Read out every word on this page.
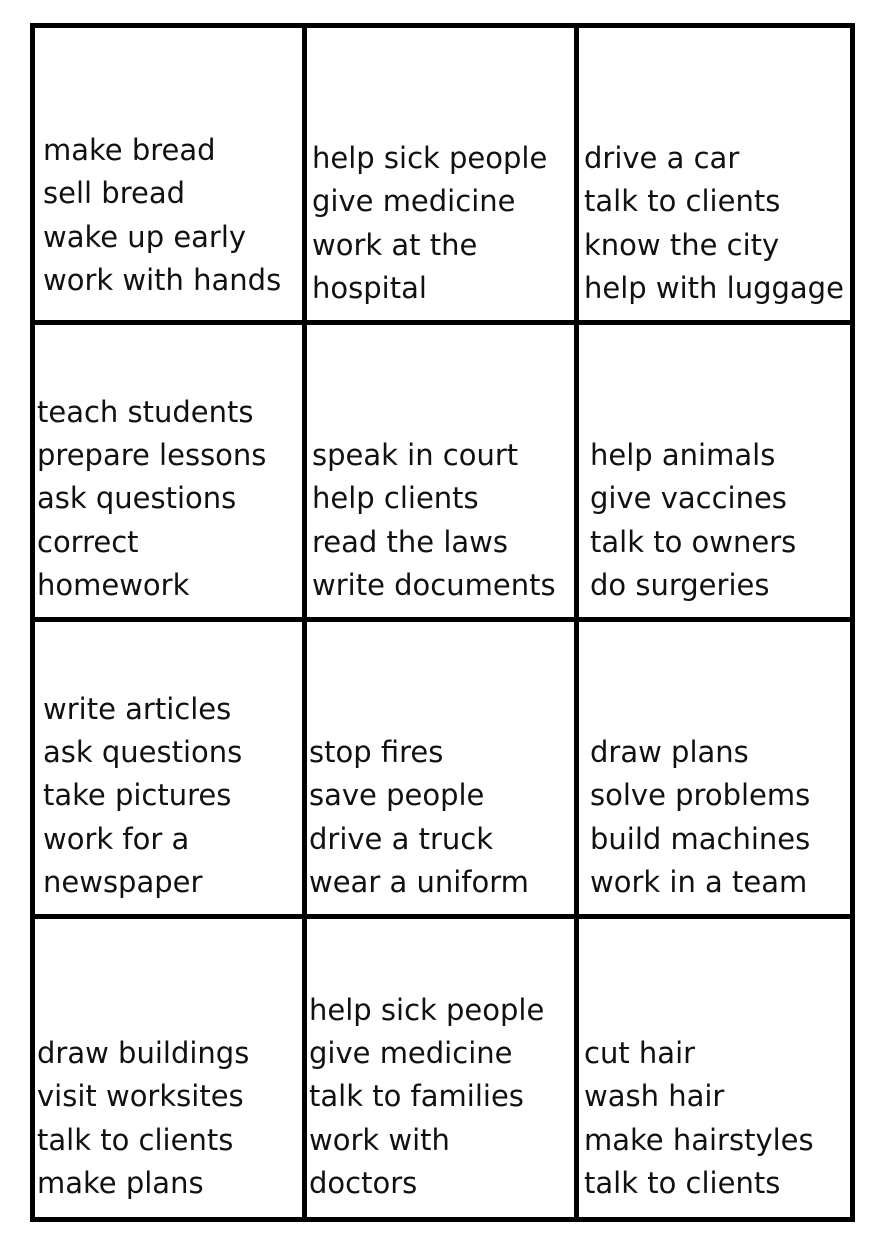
make bread
sell bread
wake up early
work with hands
help sick people
give medicine
work at the
hospital
drive a car
talk to clients
know the city
help with luggage
teach students
prepare lessons
ask questions
correct
homework
speak in court
help clients
read the laws
write documents
help animals
give vaccines
talk to owners
do surgeries
write articles
ask questions
take pictures
work for a
newspaper
stop fires
save people
drive a truck
wear a uniform
draw plans
solve problems
build machines
work in a team
draw buildings
visit worksites
talk to clients
make plans
help sick people
give medicine
talk to families
work with
doctors
cut hair
wash hair
make hairstyles
talk to clients
